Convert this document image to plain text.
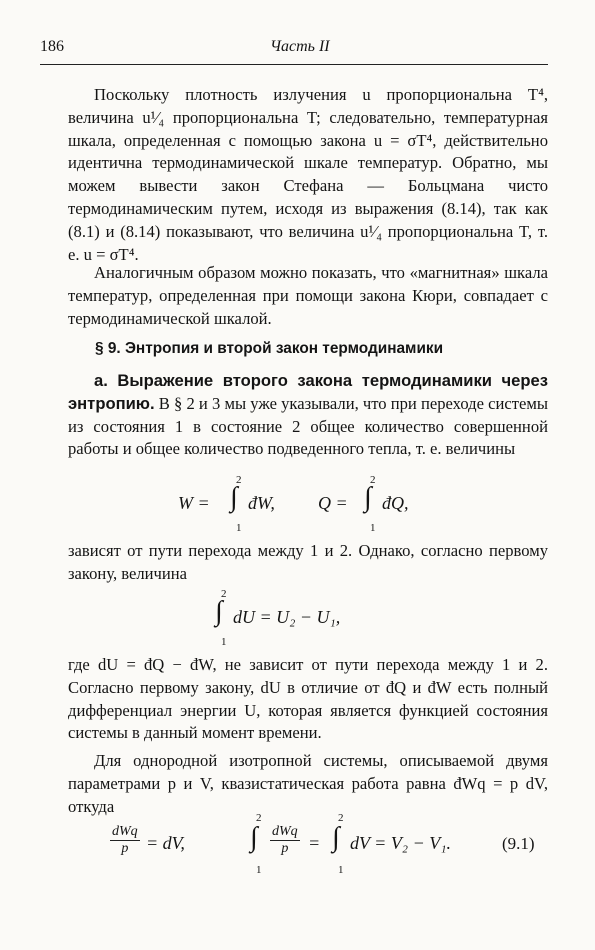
186	Часть II
Поскольку плотность излучения u пропорциональна T⁴, величина u¹⁄₄ пропорциональна T; следовательно, температурная шкала, определенная с помощью закона u = σT⁴, действительно идентична термодинамической шкале температур. Обратно, мы можем вывести закон Стефана — Больцмана чисто термодинамическим путем, исходя из выражения (8.14), так как (8.1) и (8.14) показывают, что величина u¹⁄₄ пропорциональна T, т. е. u = σT⁴.
Аналогичным образом можно показать, что «магнитная» шкала температур, определенная при помощи закона Кюри, совпадает с термодинамической шкалой.
§ 9. Энтропия и второй закон термодинамики
а. Выражение второго закона термодинамики через энтропию. В § 2 и 3 мы уже указывали, что при переходе системы из состояния 1 в состояние 2 общее количество совершенной работы и общее количество подведенного тепла, т. е. величины
W =
2
∫
1
đW, Q =
2
∫
1
đQ,
зависят от пути перехода между 1 и 2. Однако, согласно первому закону, величина
2
∫
1
dU = U₂ − U₁,
где dU = đQ − đW, не зависит от пути перехода между 1 и 2. Согласно первому закону, dU в отличие от đQ и đW есть полный дифференциал энергии U, которая является функцией состояния системы в данный момент времени.
Для однородной изотропной системы, описываемой двумя параметрами p и V, квазистатическая работа равна đWq = p dV, откуда
dWq
p = dV,
2
∫
1
dWq
p	=
2
∫
1
dV = V₂ − V₁.	(9.1)
